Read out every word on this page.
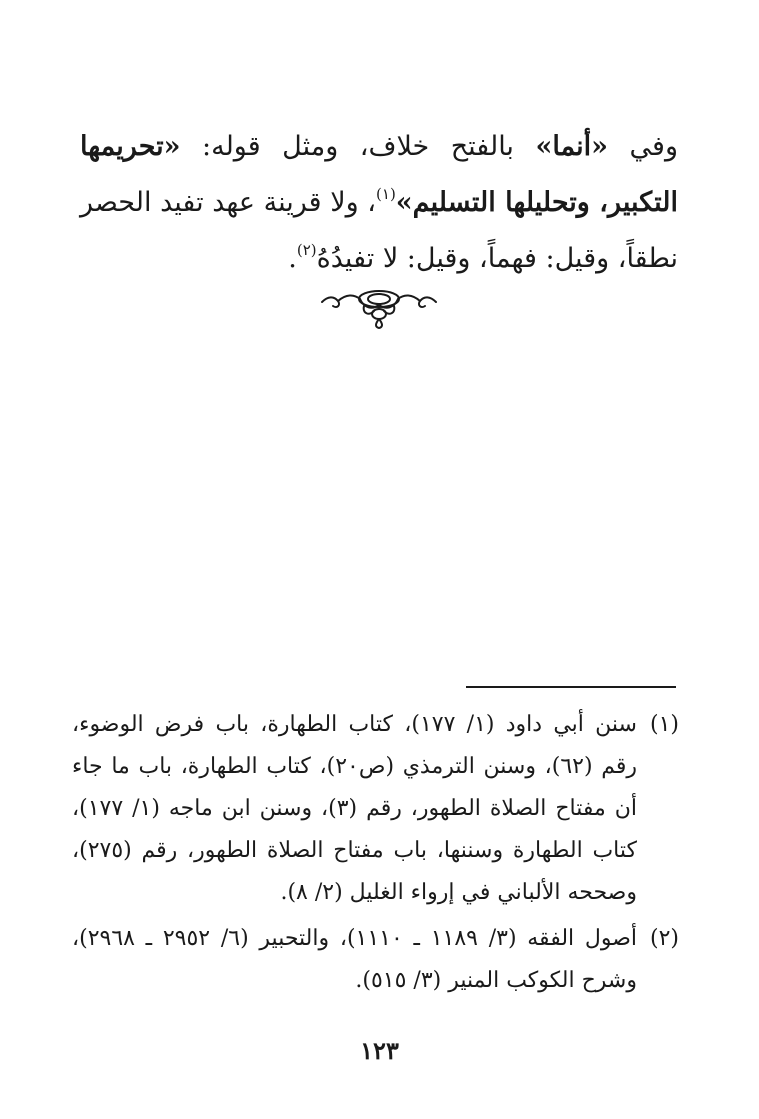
وفي «أنما» بالفتح خلاف، ومثل قوله: «تحريمها التكبير، وتحليلها التسليم»$^{(١)}$، ولا قرينة عهد تفيد الحصر نطقاً، وقيل: فهماً، وقيل: لا تفيدُهُ$^{(٢)}$.

(١)
سنن أبي داود (١/ ١٧٧)، كتاب الطهارة، باب فرض الوضوء، رقم (٦٢)، وسنن الترمذي (ص٢٠)، كتاب الطهارة، باب ما جاء أن مفتاح الصلاة الطهور، رقم (٣)، وسنن ابن ماجه (١/ ١٧٧)، كتاب الطهارة وسننها، باب مفتاح الصلاة الطهور، رقم (٢٧٥)، وصححه الألباني في إرواء الغليل (٢/ ٨).
(٢)
أصول الفقه (٣/ ١١٨٩ ـ ١١١٠)، والتحبير (٦/ ٢٩٥٢ ـ ٢٩٦٨)، وشرح الكوكب المنير (٣/ ٥١٥).
١٢٣
